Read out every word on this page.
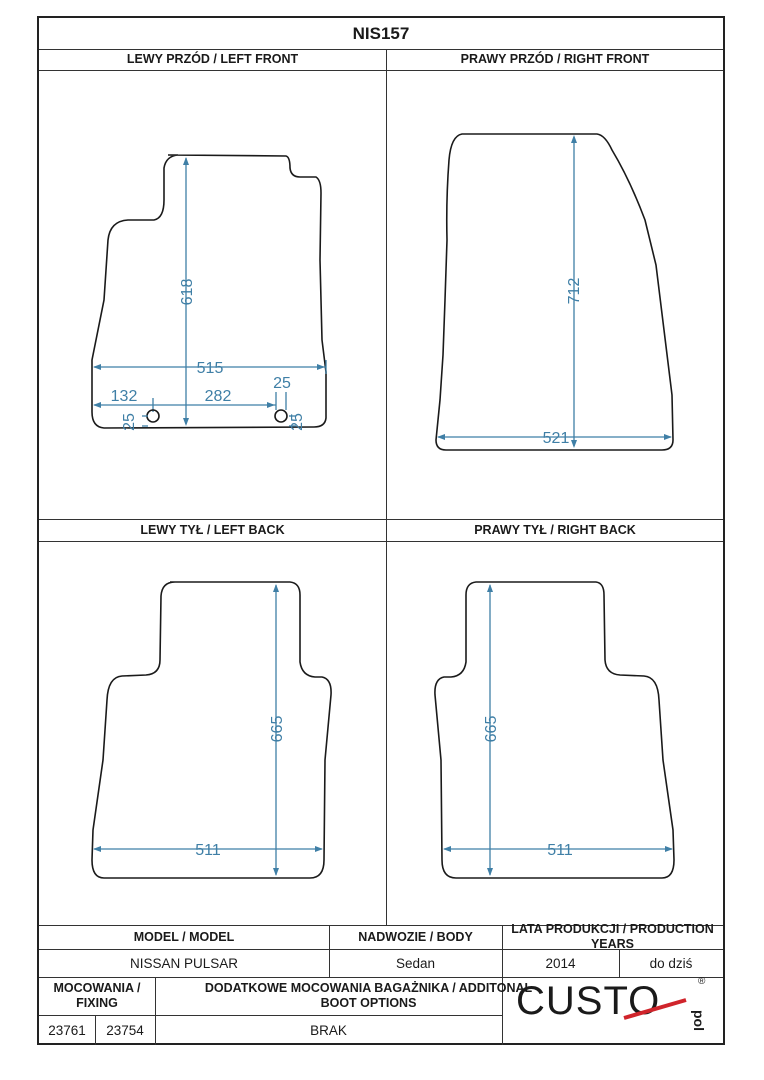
NIS157
LEWY PRZÓD / LEFT FRONT	PRAWY PRZÓD / RIGHT FRONT
LEWY TYŁ / LEFT BACK	PRAWY TYŁ / RIGHT BACK
MODEL / MODEL	NADWOZIE / BODY
LATA PRODUKCJI / PRODUCTION YEARS
NISSAN PULSAR	Sedan	2014	do dziś
MOCOWANIA / FIXING
DODATKOWE MOCOWANIA BAGAŻNIKA / ADDITONAL BOOT OPTIONS
23761	23754	BRAK
618
515
132	282
25
25	25
712
521
665
511
665
511
CUSTO pol
®
